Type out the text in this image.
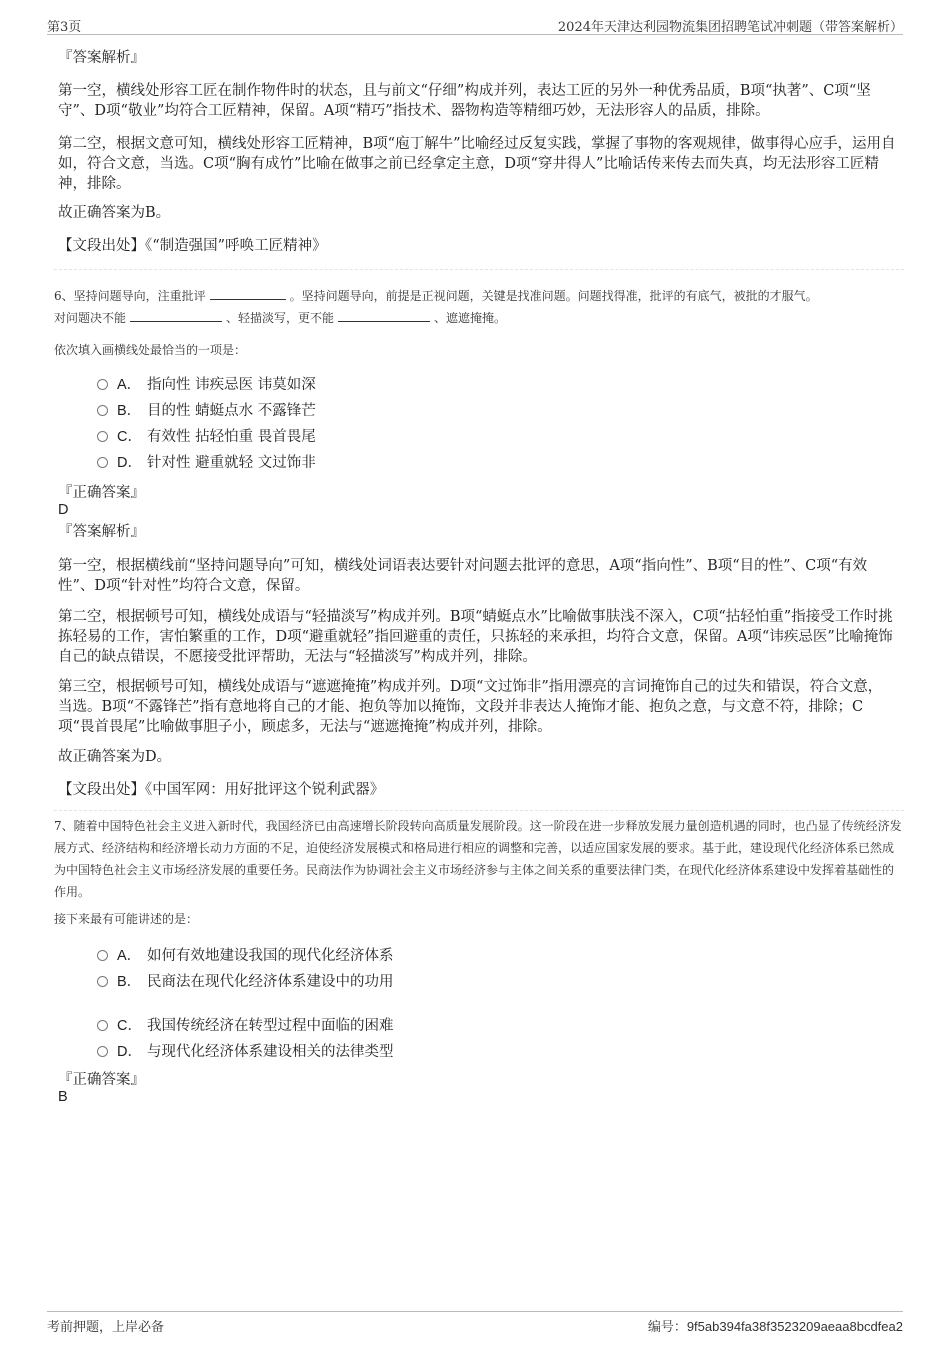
第3页	2024年天津达利园物流集团招聘笔试冲刺题（带答案解析）
『答案解析』
第一空，横线处形容工匠在制作物件时的状态，且与前文“仔细”构成并列，表达工匠的另外一种优秀品质，B项“执著”、C项“坚守”、D项“敬业”均符合工匠精神，保留。A项“精巧”指技术、器物构造等精细巧妙，无法形容人的品质，排除。
第二空，根据文意可知，横线处形容工匠精神，B项“庖丁解牛”比喻经过反复实践，掌握了事物的客观规律，做事得心应手，运用自如，符合文意，当选。C项“胸有成竹”比喻在做事之前已经拿定主意，D项“穿井得人”比喻话传来传去而失真，均无法形容工匠精神，排除。
故正确答案为B。
【文段出处】《“制造强国”呼唤工匠精神》
6、坚持问题导向，注重批评	。坚持问题导向，前提是正视问题，关键是找准问题。问题找得准，批评的有底气，被批的才服气。
对问题决不能	、轻描淡写，更不能	、遮遮掩掩。
依次填入画横线处最恰当的一项是：
A． 指向性 讳疾忌医 讳莫如深
B． 目的性 蜻蜓点水 不露锋芒
C． 有效性 拈轻怕重 畏首畏尾
D． 针对性 避重就轻 文过饰非
『正确答案』
D
『答案解析』
第一空，根据横线前“坚持问题导向”可知，横线处词语表达要针对问题去批评的意思，A项“指向性”、B项“目的性”、C项“有效性”、D项“针对性”均符合文意，保留。
第二空，根据顿号可知，横线处成语与“轻描淡写”构成并列。B项“蜻蜓点水”比喻做事肤浅不深入，C项“拈轻怕重”指接受工作时挑拣轻易的工作，害怕繁重的工作，D项“避重就轻”指回避重的责任，只拣轻的来承担，均符合文意，保留。A项“讳疾忌医”比喻掩饰自己的缺点错误，不愿接受批评帮助，无法与“轻描淡写”构成并列，排除。
第三空，根据顿号可知，横线处成语与“遮遮掩掩”构成并列。D项“文过饰非”指用漂亮的言词掩饰自己的过失和错误，符合文意，当选。B项“不露锋芒”指有意地将自己的才能、抱负等加以掩饰，文段并非表达人掩饰才能、抱负之意，与文意不符，排除；C项“畏首畏尾”比喻做事胆子小，顾虑多，无法与“遮遮掩掩”构成并列，排除。
故正确答案为D。
【文段出处】《中国军网：用好批评这个锐利武器》
7、随着中国特色社会主义进入新时代，我国经济已由高速增长阶段转向高质量发展阶段。这一阶段在进一步释放发展力量创造机遇的同时，也凸显了传统经济发展方式、经济结构和经济增长动力方面的不足，迫使经济发展模式和格局进行相应的调整和完善，以适应国家发展的要求。基于此，建设现代化经济体系已然成为中国特色社会主义市场经济发展的重要任务。民商法作为协调社会主义市场经济参与主体之间关系的重要法律门类，在现代化经济体系建设中发挥着基础性的作用。
接下来最有可能讲述的是：
A． 如何有效地建设我国的现代化经济体系
B． 民商法在现代化经济体系建设中的功用
C． 我国传统经济在转型过程中面临的困难
D． 与现代化经济体系建设相关的法律类型
『正确答案』
B
考前押题，上岸必备	编号：9f5ab394fa38f3523209aeaa8bcdfea2
